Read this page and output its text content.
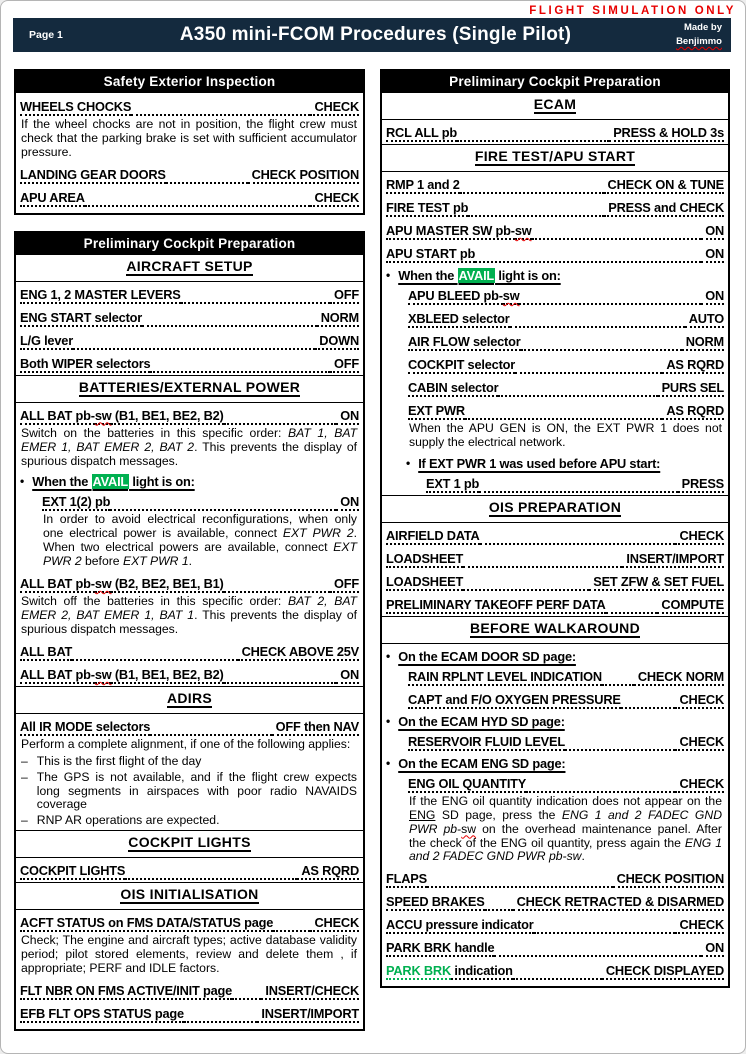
FLIGHT SIMULATION ONLY
Page 1	A350 mini-FCOM Procedures (Single Pilot)	Made by
Benjimmo
Safety Exterior Inspection
WHEELS CHOCKS	CHECK
If the wheel chocks are not in position, the flight crew must check that the parking brake is set with sufficient accumulator pressure.
LANDING GEAR DOORS	CHECK POSITION
APU AREA	CHECK
Preliminary Cockpit Preparation
AIRCRAFT SETUP
ENG 1, 2 MASTER LEVERS	OFF
ENG START selector	NORM
L/G lever	DOWN
Both WIPER selectors	OFF
BATTERIES/EXTERNAL POWER
ALL BAT pb- sw (B1, BE1, BE2, B2)	ON
Switch on the batteries in this specific order: BAT 1, BAT EMER 1, BAT EMER 2, BAT 2. This prevents the display of spurious dispatch messages.
• When the AVAIL light is on:
EXT 1(2) pb	ON
In order to avoid electrical reconfigurations, when only one electrical power is available, connect EXT PWR 2. When two electrical powers are available, connect EXT PWR 2 before EXT PWR 1.
ALL BAT pb- sw (B2, BE2, BE1, B1)	OFF
Switch off the batteries in this specific order: BAT 2, BAT EMER 2, BAT EMER 1, BAT 1. This prevents the display of spurious dispatch messages.
ALL BAT	CHECK ABOVE 25V
ALL BAT pb- sw (B1, BE1, BE2, B2)	ON
ADIRS
All IR MODE selectors	OFF then NAV
Perform a complete alignment, if one of the following applies:
– This is the first flight of the day
– The GPS is not available, and if the flight crew expects long segments in airspaces with poor radio NAVAIDS coverage
– RNP AR operations are expected.
COCKPIT LIGHTS
COCKPIT LIGHTS	AS RQRD
OIS INITIALISATION
ACFT STATUS on FMS DATA/STATUS page	CHECK
Check; The engine and aircraft types; active database validity period; pilot stored elements, review and delete them , if appropriate; PERF and IDLE factors.
FLT NBR ON FMS ACTIVE/INIT page	INSERT/CHECK
EFB FLT OPS STATUS page	INSERT/IMPORT
Preliminary Cockpit Preparation
ECAM
RCL ALL pb	PRESS & HOLD 3s
FIRE TEST/APU START
RMP 1 and 2	CHECK ON & TUNE
FIRE TEST pb	PRESS and CHECK
APU MASTER SW pb- sw	ON
APU START pb	ON
• When the AVAIL light is on:
APU BLEED pb- sw	ON
XBLEED selector	AUTO
AIR FLOW selector	NORM
COCKPIT selector	AS RQRD
CABIN selector	PURS SEL
EXT PWR	AS RQRD
When the APU GEN is ON, the EXT PWR 1 does not supply the electrical network.
• If EXT PWR 1 was used before APU start:
EXT 1 pb	PRESS
OIS PREPARATION
AIRFIELD DATA	CHECK
LOADSHEET	INSERT/IMPORT
LOADSHEET	SET ZFW & SET FUEL
PRELIMINARY TAKEOFF PERF DATA	COMPUTE
BEFORE WALKAROUND
• On the ECAM DOOR SD page:
RAIN RPLNT LEVEL INDICATION	CHECK NORM
CAPT and F/O OXYGEN PRESSURE	CHECK
• On the ECAM HYD SD page:
RESERVOIR FLUID LEVEL	CHECK
• On the ECAM ENG SD page:
ENG OIL QUANTITY	CHECK
If the ENG oil quantity indication does not appear on the ENG SD page, press the ENG 1 and 2 FADEC GND PWR pb-sw on the overhead maintenance panel. After the check of the ENG oil quantity, press again the ENG 1 and 2 FADEC GND PWR pb-sw.
FLAPS	CHECK POSITION
SPEED BRAKES	CHECK RETRACTED & DISARMED
ACCU pressure indicator	CHECK
PARK BRK handle	ON
PARK BRK indication	CHECK DISPLAYED
